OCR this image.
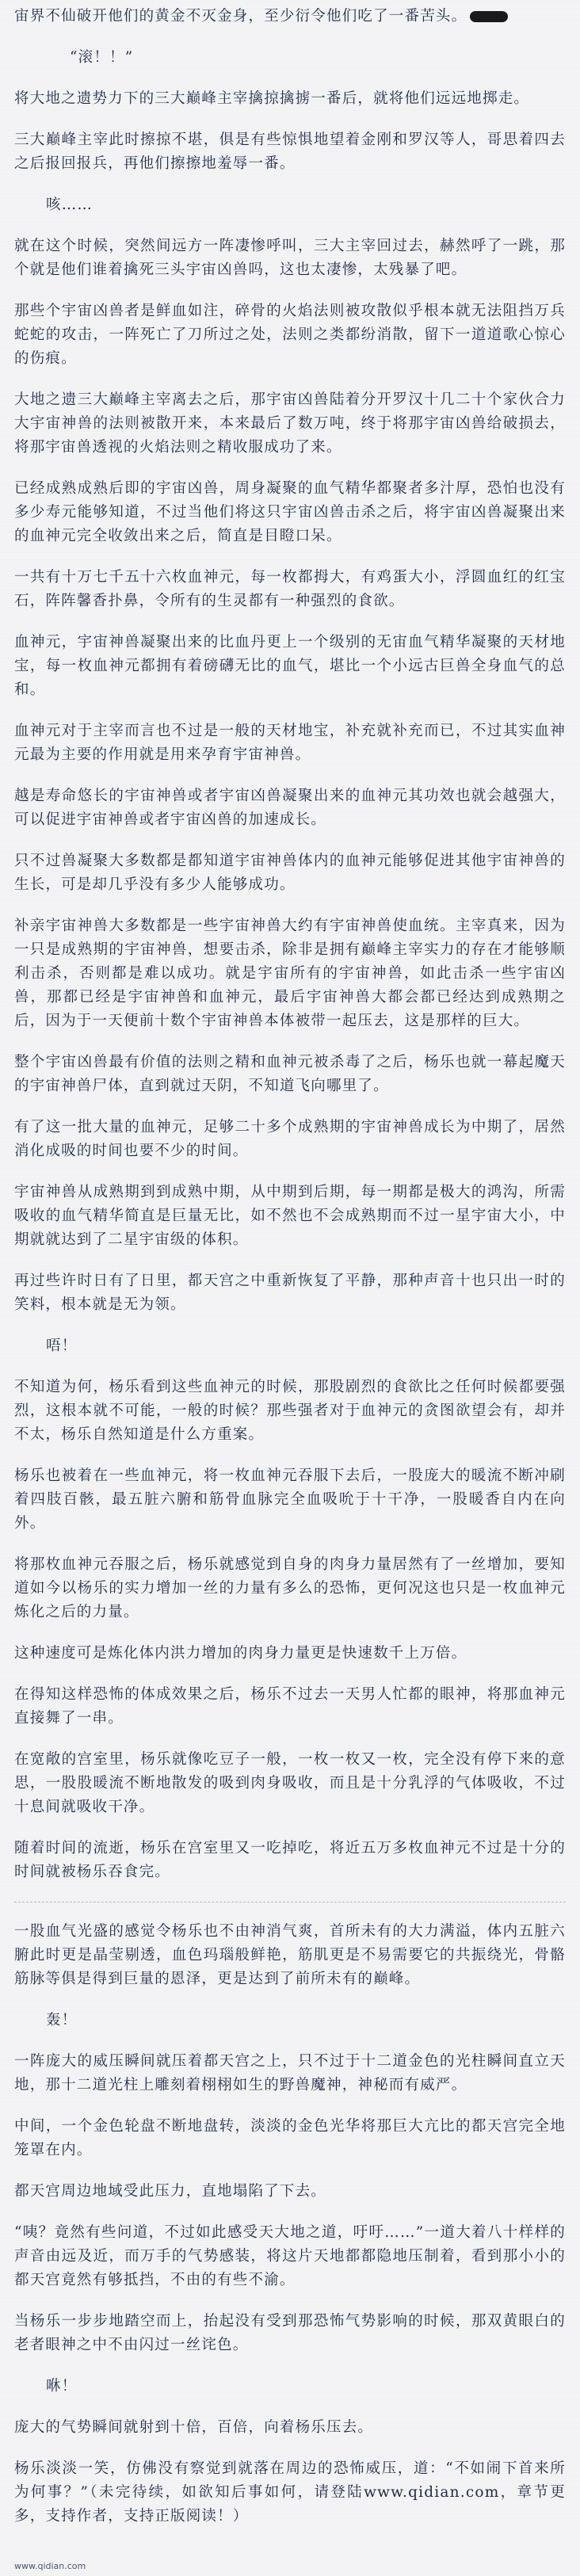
宙界不仙破开他们的黄金不灭金身，至少衍令他们吃了一番苦头。
“滚！！”
将大地之遗势力下的三大巅峰主宰擒掠擒掳一番后，就将他们远远地掷走。
三大巅峰主宰此时擦掠不堪，俱是有些惊惧地望着金刚和罗汉等人，哥思着四去之后报回报兵，再他们擦擦地羞辱一番。
咳……
就在这个时候，突然间远方一阵凄惨呼叫，三大主宰回过去，赫然呼了一跳，那个就是他们谁着擒死三头宇宙凶兽吗，这也太凄惨，太残暴了吧。
那些个宇宙凶兽者是鲜血如注，碎骨的火焰法则被攻散似乎根本就无法阻挡万兵蛇蛇的攻击，一阵死亡了刀所过之处，法则之类都纷消散，留下一道道歌心惊心的伤痕。
大地之遗三大巅峰主宰离去之后，那宇宙凶兽陆着分开罗汉十几二十个家伙合力大宇宙神兽的法则被散开来，本来最后了数万吨，终于将那宇宙凶兽给破损去，将那宇宙兽透视的火焰法则之精收服成功了来。
已经成熟成熟后即的宇宙凶兽，周身凝聚的血气精华都聚者多汁厚，恐怕也没有多少寿元能够知道，不过当他们将这只宇宙凶兽击杀之后，将宇宙凶兽凝聚出来的血神元完全收敛出来之后，简直是目瞪口呆。
一共有十万七千五十六枚血神元，每一枚都拇大，有鸡蛋大小，浮圆血红的红宝石，阵阵馨香扑鼻，令所有的生灵都有一种强烈的食欲。
血神元，宇宙神兽凝聚出来的比血丹更上一个级别的无宙血气精华凝聚的天材地宝，每一枚血神元都拥有着磅礴无比的血气，堪比一个小远古巨兽全身血气的总和。
血神元对于主宰而言也不过是一般的天材地宝，补充就补充而已，不过其实血神元最为主要的作用就是用来孕育宇宙神兽。
越是寿命悠长的宇宙神兽或者宇宙凶兽凝聚出来的血神元其功效也就会越强大，可以促进宇宙神兽或者宇宙凶兽的加速成长。
只不过兽凝聚大多数都是都知道宇宙神兽体内的血神元能够促进其他宇宙神兽的生长，可是却几乎没有多少人能够成功。
补亲宇宙神兽大多数都是一些宇宙神兽大约有宇宙神兽使血统。主宰真来，因为一只是成熟期的宇宙神兽，想要击杀，除非是拥有巅峰主宰实力的存在才能够顺利击杀，否则都是难以成功。就是宇宙所有的宇宙神兽，如此击杀一些宇宙凶兽，那都已经是宇宙神兽和血神元，最后宇宙神兽大都会都已经达到成熟期之后，因为于一天便前十数个宇宙神兽本体被带一起压去，这是那样的巨大。
整个宇宙凶兽最有价值的法则之精和血神元被杀毒了之后，杨乐也就一幕起魔天的宇宙神兽尸体，直到就过天阴，不知道飞向哪里了。
有了这一批大量的血神元，足够二十多个成熟期的宇宙神兽成长为中期了，居然消化成吸的时间也要不少的时间。
宇宙神兽从成熟期到到成熟中期，从中期到后期，每一期都是极大的鸿沟，所需吸收的血气精华简直是巨量无比，如不然也不会成熟期而不过一星宇宙大小，中期就就达到了二星宇宙级的体积。
再过些许时日有了日里，都天宫之中重新恢复了平静，那种声音十也只出一时的笑料，根本就是无为领。
唔！
不知道为何，杨乐看到这些血神元的时候，那股剧烈的食欲比之任何时候都要强烈，这根本就不可能，一般的时候？那些强者对于血神元的贪图欲望会有，却并不太，杨乐自然知道是什么方重案。
杨乐也被着在一些血神元，将一枚血神元吞服下去后，一股庞大的暖流不断冲刷着四肢百骸，最五脏六腑和筋骨血脉完全血吸吮于十干净，一股暖香自内在向外。
将那枚血神元吞服之后，杨乐就感觉到自身的肉身力量居然有了一丝增加，要知道如今以杨乐的实力增加一丝的力量有多么的恐怖，更何况这也只是一枚血神元炼化之后的力量。
这种速度可是炼化体内洪力增加的肉身力量更是快速数千上万倍。
在得知这样恐怖的体成效果之后，杨乐不过去一天男人忙都的眼神，将那血神元直接舞了一串。
在宽敞的宫室里，杨乐就像吃豆子一般，一枚一枚又一枚，完全没有停下来的意思，一股股暖流不断地散发的吸到肉身吸收，而且是十分乳浮的气体吸收，不过十息间就吸收干净。
随着时间的流逝，杨乐在宫室里又一吃掉吃，将近五万多枚血神元不过是十分的时间就被杨乐吞食完。
一股血气光盛的感觉令杨乐也不由神消气爽，首所未有的大力满溢，体内五脏六腑此时更是晶莹剔透，血色玛瑙般鲜艳，筋肌更是不易需要它的共振绕光，骨骼筋脉等俱是得到巨量的恩泽，更是达到了前所未有的巅峰。
轰！
一阵庞大的威压瞬间就压着都天宫之上，只不过于十二道金色的光柱瞬间直立天地，那十二道光柱上雕刻着栩栩如生的野兽魔神，神秘而有威严。
中间，一个金色轮盘不断地盘转，淡淡的金色光华将那巨大亢比的都天宫完全地笼罩在内。
都天宫周边地域受此压力，直地塌陷了下去。
“咦？竟然有些问道，不过如此感受天大地之道，吁吁……”一道大着八十样样的声音由远及近，而万手的气势感装，将这片天地都都隐地压制着，看到那小小的都天宫竟然有够抵挡，不由的有些不渝。
当杨乐一步步地踏空而上，抬起没有受到那恐怖气势影响的时候，那双黄眼白的老者眼神之中不由闪过一丝诧色。
咻！
庞大的气势瞬间就射到十倍，百倍，向着杨乐压去。
杨乐淡淡一笑，仿佛没有察觉到就落在周边的恐怖威压，道：“不如闹下首来所为何事？”（未完待续，如欲知后事如何，请登陆www.qidian.com，章节更多，支持作者，支持正版阅读！）
www.qidian.com
